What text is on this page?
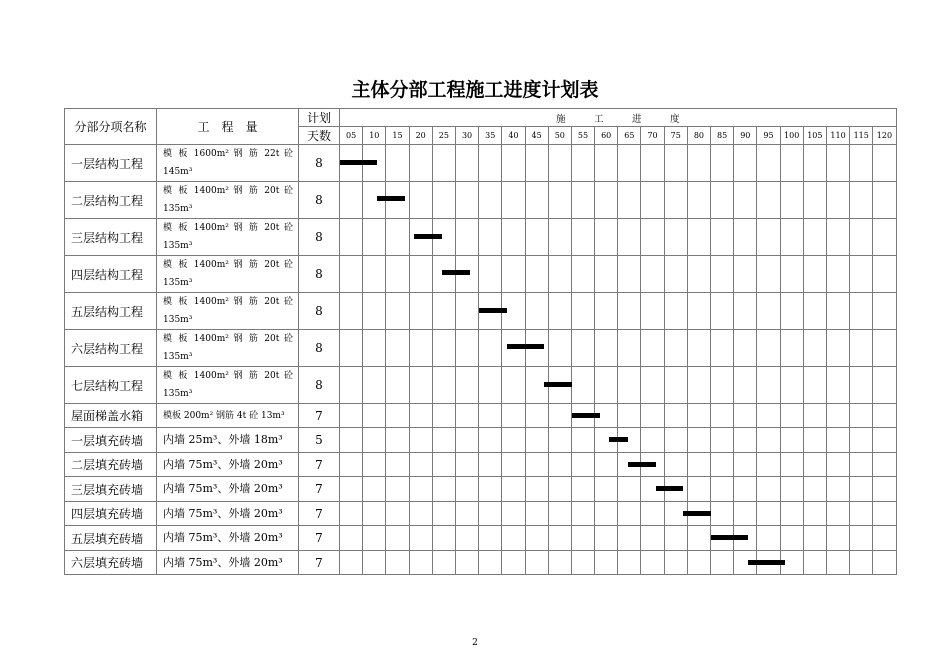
主体分部工程施工进度计划表
分部分项名称	工　程　量	计划	施　　　工　　　进　　　度																							
		天数	05	10	15	20	25	30	35	40	45	50	55	60	65	70	75	80	85	90	95	100	105	110	115	120
一层结构工程	模 板 1600m² 钢 筋 22t 砼 145m³	8	

二层结构工程	模 板 1400m² 钢 筋 20t 砼 135m³	8	

三层结构工程	模 板 1400m² 钢 筋 20t 砼 135m³	8	

四层结构工程	模 板 1400m² 钢 筋 20t 砼 135m³	8	

五层结构工程	模 板 1400m² 钢 筋 20t 砼 135m³	8	

六层结构工程	模 板 1400m² 钢 筋 20t 砼 135m³	8	

七层结构工程	模 板 1400m² 钢 筋 20t 砼 135m³	8	

屋面梯盖水箱	模板 200m² 钢筋 4t 砼 13m³	7	

一层填充砖墙	内墙 25m³、外墙 18m³	5	

二层填充砖墙	内墙 75m³、外墙 20m³	7	

三层填充砖墙	内墙 75m³、外墙 20m³	7	

四层填充砖墙	内墙 75m³、外墙 20m³	7	

五层填充砖墙	内墙 75m³、外墙 20m³	7	

六层填充砖墙	内墙 75m³、外墙 20m³	7	

2
